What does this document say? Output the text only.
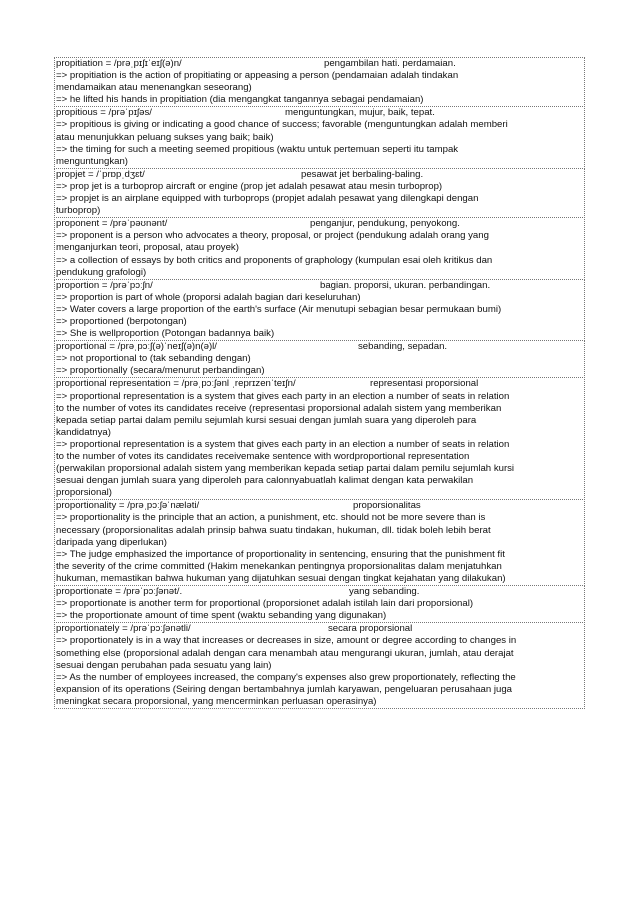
propitiation = /prəˌpɪʃɪˈeɪʃ(ə)n/	pengambilan hati. perdamaian.
=> propitiation is the action of propitiating or appeasing a person (pendamaian adalah tindakan
mendamaikan atau menenangkan seseorang)
=> he lifted his hands in propitiation (dia mengangkat tangannya sebagai pendamaian)
propitious = /prəˈpɪʃəs/	menguntungkan, mujur, baik, tepat.
=> propitious is giving or indicating a good chance of success; favorable (menguntungkan adalah memberi
atau menunjukkan peluang sukses yang baik; baik)
=> the timing for such a meeting seemed propitious (waktu untuk pertemuan seperti itu tampak
menguntungkan)
propjet = /ˈprɒpˌdʒɛt/	pesawat jet berbaling-baling.
=> prop jet is a turboprop aircraft or engine (prop jet adalah pesawat atau mesin turboprop)
=> propjet is an airplane equipped with turboprops (propjet adalah pesawat yang dilengkapi dengan
turboprop)
proponent = /prəˈpəʊnənt/	penganjur, pendukung, penyokong.
=> proponent is a person who advocates a theory, proposal, or project (pendukung adalah orang yang
menganjurkan teori, proposal, atau proyek)
=> a collection of essays by both critics and proponents of graphology (kumpulan esai oleh kritikus dan
pendukung grafologi)
proportion = /prəˈpɔːʃn/	bagian. proporsi, ukuran. perbandingan.
=> proportion is part of whole (proporsi adalah bagian dari keseluruhan)
=> Water covers a large proportion of the earth's surface (Air menutupi sebagian besar permukaan bumi)
=> proportioned (berpotongan)
=> She is wellproportion (Potongan badannya baik)
proportional = /prəˌpɔːʃ(ə)ˈneɪʃ(ə)n(ə)l/	sebanding, sepadan.
=> not proportional to (tak sebanding dengan)
=> proportionally (secara/menurut perbandingan)
proportional representation = /prəˌpɔːʃənl ˌreprɪzenˈteɪʃn/	representasi proporsional
=> proportional representation is a system that gives each party in an election a number of seats in relation
to the number of votes its candidates receive (representasi proporsional adalah sistem yang memberikan
kepada setiap partai dalam pemilu sejumlah kursi sesuai dengan jumlah suara yang diperoleh para
kandidatnya)
=> proportional representation is a system that gives each party in an election a number of seats in relation
to the number of votes its candidates receivemake sentence with wordproportional representation
(perwakilan proporsional adalah sistem yang memberikan kepada setiap partai dalam pemilu sejumlah kursi
sesuai dengan jumlah suara yang diperoleh para calonnyabuatlah kalimat dengan kata perwakilan
proporsional)
proportionality = /prəˌpɔːʃəˈnæləti/	proporsionalitas
=> proportionality is the principle that an action, a punishment, etc. should not be more severe than is
necessary (proporsionalitas adalah prinsip bahwa suatu tindakan, hukuman, dll. tidak boleh lebih berat
daripada yang diperlukan)
=> The judge emphasized the importance of proportionality in sentencing, ensuring that the punishment fit
the severity of the crime committed (Hakim menekankan pentingnya proporsionalitas dalam menjatuhkan
hukuman, memastikan bahwa hukuman yang dijatuhkan sesuai dengan tingkat kejahatan yang dilakukan)
proportionate = /prəˈpɔːʃənət/.	yang sebanding.
=> proportionate is another term for proportional (proporsionet adalah istilah lain dari proporsional)
=> the proportionate amount of time spent (waktu sebanding yang digunakan)
proportionately = /prəˈpɔːʃənətli/	secara proporsional
=> proportionately is in a way that increases or decreases in size, amount or degree according to changes in
something else (proporsional adalah dengan cara menambah atau mengurangi ukuran, jumlah, atau derajat
sesuai dengan perubahan pada sesuatu yang lain)
=> As the number of employees increased, the company's expenses also grew proportionately, reflecting the
expansion of its operations (Seiring dengan bertambahnya jumlah karyawan, pengeluaran perusahaan juga
meningkat secara proporsional, yang mencerminkan perluasan operasinya)
